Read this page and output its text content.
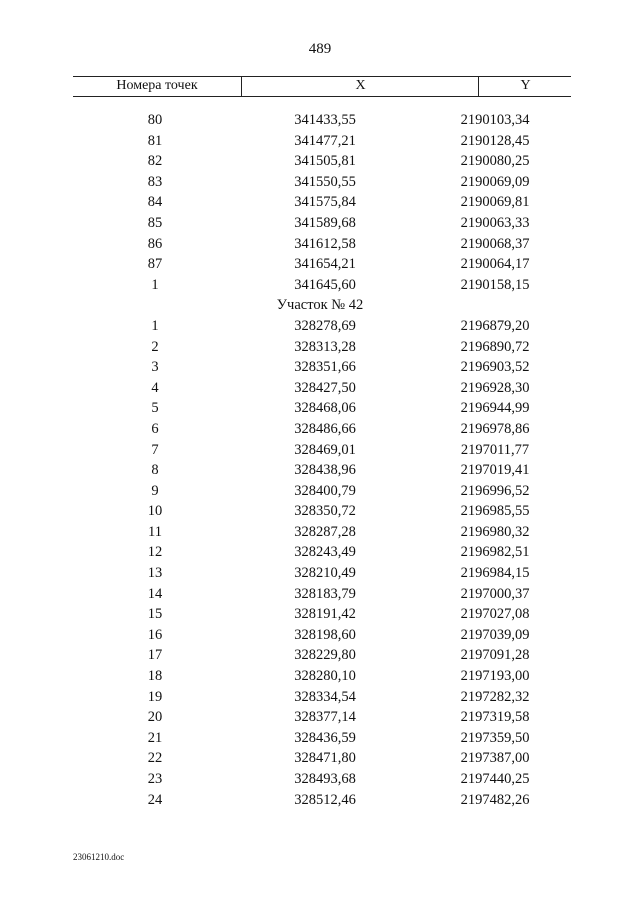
489
Номера точек	X	Y
80	341433,55	2190103,34
81	341477,21	2190128,45
82	341505,81	2190080,25
83	341550,55	2190069,09
84	341575,84	2190069,81
85	341589,68	2190063,33
86	341612,58	2190068,37
87	341654,21	2190064,17
1	341645,60	2190158,15
Участок № 42
1	328278,69	2196879,20
2	328313,28	2196890,72
3	328351,66	2196903,52
4	328427,50	2196928,30
5	328468,06	2196944,99
6	328486,66	2196978,86
7	328469,01	2197011,77
8	328438,96	2197019,41
9	328400,79	2196996,52
10	328350,72	2196985,55
11	328287,28	2196980,32
12	328243,49	2196982,51
13	328210,49	2196984,15
14	328183,79	2197000,37
15	328191,42	2197027,08
16	328198,60	2197039,09
17	328229,80	2197091,28
18	328280,10	2197193,00
19	328334,54	2197282,32
20	328377,14	2197319,58
21	328436,59	2197359,50
22	328471,80	2197387,00
23	328493,68	2197440,25
24	328512,46	2197482,26
23061210.doc
